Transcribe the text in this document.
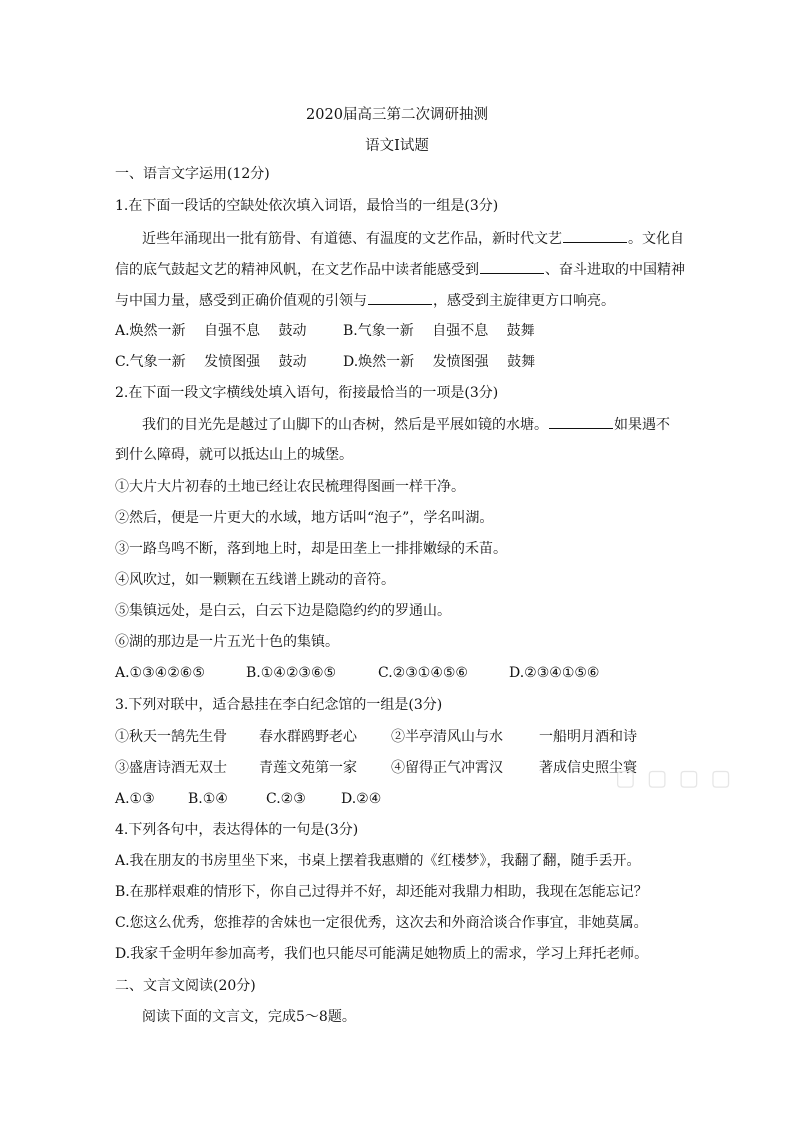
2020届高三第二次调研抽测
语文Ⅰ试题
一、语言文字运用(12分)
1.在下面一段话的空缺处依次填入词语，最恰当的一组是(3分)
近些年涌现出一批有筋骨、有道德、有温度的文艺作品，新时代文艺	。文化自
信的底气鼓起文艺的精神风帆，在文艺作品中读者能感受到	、奋斗进取的中国精神
与中国力量，感受到正确价值观的引领与	，感受到主旋律更方口响亮。
A.焕然一新　 自强不息　 鼓动	B.气象一新　 自强不息　 鼓舞
C.气象一新　 发愤图强　 鼓动	D.焕然一新　 发愤图强　 鼓舞
2.在下面一段文字横线处填入语句，衔接最恰当的一项是(3分)
我们的目光先是越过了山脚下的山杏树，然后是平展如镜的水塘。	如果遇不
到什么障碍，就可以抵达山上的城堡。
①大片大片初春的土地已经让农民梳理得图画一样干净。
②然后，便是一片更大的水域，地方话叫“泡子”，学名叫湖。
③一路鸟鸣不断，落到地上时，却是田垄上一排排嫩绿的禾苗。
④风吹过，如一颗颗在五线谱上跳动的音符。
⑤集镇远处，是白云，白云下边是隐隐约约的罗通山。
⑥湖的那边是一片五光十色的集镇。
A.①③④②⑥⑤	B.①④②③⑥⑤	C.②③①④⑤⑥	D.②③④①⑤⑥
3.下列对联中，适合悬挂在李白纪念馆的一组是(3分)
①秋天一鹄先生骨 春水群鸥野老心 ②半亭清风山与水	一船明月酒和诗
③盛唐诗酒无双士 青莲文苑第一家 ④留得正气冲霄汉	著成信史照尘寰
A.①③ B.①④	C.②③	D.②④
4.下列各句中，表达得体的一句是(3分)
A.我在朋友的书房里坐下来，书桌上摆着我惠赠的《红楼梦》，我翻了翻，随手丢开。
B.在那样艰难的情形下，你自己过得并不好，却还能对我鼎力相助，我现在怎能忘记？
C.您这么优秀，您推荐的舍妹也一定很优秀，这次去和外商洽谈合作事宜，非她莫属。
D.我家千金明年参加高考，我们也只能尽可能满足她物质上的需求，学习上拜托老师。
二、文言文阅读(20分)
阅读下面的文言文，完成5～8题。
▢ ▢ ▢ ▢
